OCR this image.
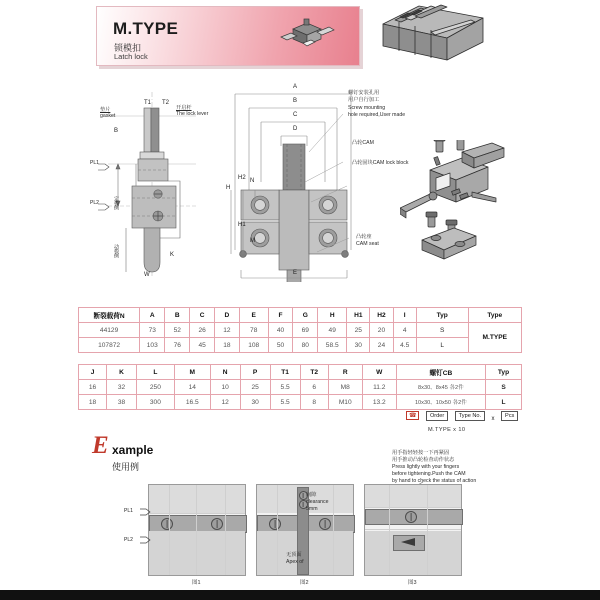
M.TYPE
锁模扣
Latch lock
垫片
gasket
T1 T2
开启杆
The lock lever
PL1
PL2
B
K
W
定模侧
动模侧
A
B
C
D
E
H
H2
H1
M
N
螺钉安装孔用
用户自行加工
Screw mounting
hole required,User made
凸轮CAM
凸轮固块CAM lock block
凸轮座
CAM seat
断裂载荷N	A	B	C	D	E	F	G	H	H1	H2	I	Typ	Type
44129	73	52	26	12	78	40	69	49	25	20	4	S	M.TYPE
107872	103	76	45	18	108	50	80	58.5	30	24	4.5	L	
J	K	L	M	N	P	T1	T2	R	W	螺钉CB	Typ
16	32	250	14	10	25	5.5	6	M8	11.2	8x30、8x45 各2件	S
18	38	300	16.5	12	30	5.5	8	M10	13.2	10x30、10x50 各2件	L
☎ Order	Type No. x Pcs
M.TYPE x 10
E xample
使用例
用手指轻轻按一下再紧固
用手推动凸轮检查动作状态
Press lightly with your fingers
before tightening.Push the CAM
by hand to check the status of action
PL1
PL2
图1
间隙
clearance
5mm
无顶面
Apex of
图2	图3
